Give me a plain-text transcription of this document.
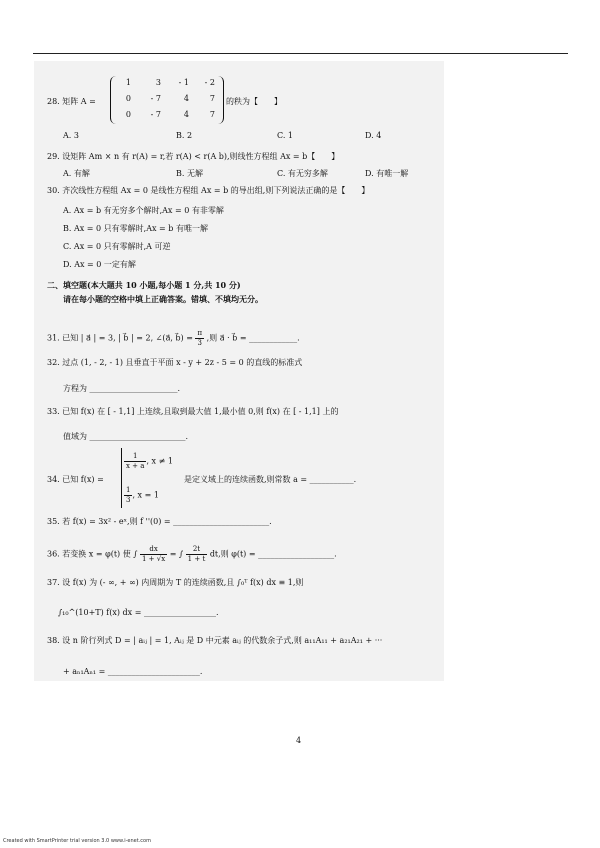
28. 矩阵 A =
1	3	- 1	- 2
0	- 7	4	7
0	- 7	4	7
的秩为【　　】
A. 3	B. 2	C. 1	D. 4
29. 设矩阵 Am × n 有 r(A) = r,若 r(A) < r(A b),则线性方程组 Ax = b【　　】
A. 有解	B. 无解	C. 有无穷多解	D. 有唯一解
30. 齐次线性方程组 Ax = 0 是线性方程组 Ax = b 的导出组,则下列说法正确的是【　　】
A. Ax = b 有无穷多个解时,Ax = 0 有非零解
B. Ax = 0 只有零解时,Ax = b 有唯一解
C. Ax = 0 只有零解时,A 可逆
D. Ax = 0 一定有解
二、填空题(本大题共 10 小题,每小题 1 分,共 10 分)
请在每小题的空格中填上正确答案。错填、不填均无分。
31. 已知 | a⃗ | = 3, | b⃗ | = 2, ∠(a⃗, b⃗) = $\frac{\pi}{3}$ ,则 a⃗ · b⃗ = ____________.
32. 过点 (1, - 2, - 1) 且垂直于平面 x - y + 2z - 5 = 0 的直线的标准式
方程为 ______________________.
33. 已知 f(x) 在 [ - 1,1] 上连续,且取到最大值 1,最小值 0,则 f(x) 在 [ - 1,1] 上的
值域为 ________________________.
34. 已知 f(x) =
$\frac{1}{x + a}$ , x ≠ 1
$\frac{1}{3}$ , x = 1
是定义域上的连续函数,则常数 a = ___________.
35. 若 f(x) = 3x² - eˣ,则 f ''(0) = ________________________.
36. 若变换 x = φ(t) 使 ∫ $\frac{dx}{1 + √x}$ = ∫ $\frac{2t}{1 + t}$ dt,则 φ(t) = ___________________.
37. 设 f(x) 为 (- ∞, + ∞) 内周期为 T 的连续函数,且 ∫₀ᵀ f(x) dx ≡ 1,则
∫₁₀^(10+T) f(x) dx = __________________.
38. 设 n 阶行列式 D = | aᵢⱼ | = 1, Aᵢⱼ 是 D 中元素 aᵢⱼ 的代数余子式,则 a₁₁A₁₁ + a₂₁A₂₁ + ···
+ aₙ₁Aₙ₁ = _______________________.
4
Created with SmartPrinter trial version 3.0 www.i-enet.com
